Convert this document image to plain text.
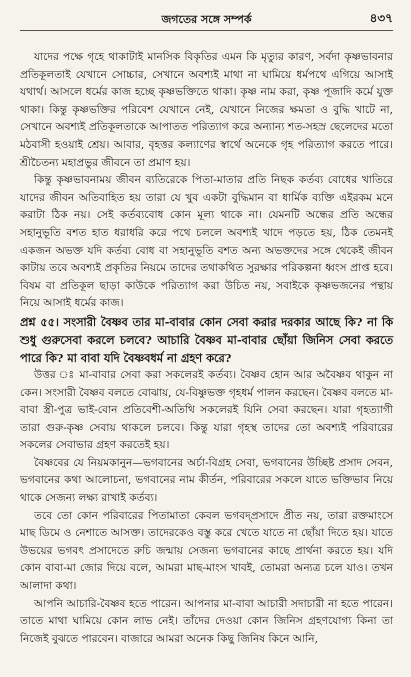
জগতের সঙ্গে সম্পর্ক	৪৩৭

যাদের পক্ষে গৃহে থাকাটাই মানসিক বিকৃতির এমন কি মৃত্যুর কারণ, সর্বদা কৃষ্ণভাবনার প্রতিকূলতাই যেখানে সোচ্চার, সেখানে অবশ্যই মাথা না ঘামিয়ে ধর্মপথে এগিয়ে আসাই যথার্থ। আসলে ধর্মের কাজ হচ্ছে কৃষ্ণভক্তিতে থাকা। কৃষ্ণ নাম করা, কৃষ্ণ পূজাদি কর্মে যুক্ত থাকা। কিন্তু কৃষ্ণভক্তির পরিবেশ যেখানে নেই, যেখানে নিজের ক্ষমতা ও বুদ্ধি খাটে না, সেখানে অবশ্যই প্রতিকূলতাকে আপাতত পরিত্যাগ করে অন্যান্য শত-সহস্র ছেলেদের মতো মঠবাসী হওয়াই শ্রেয়। আবার, বৃহত্তর কল্যাণের স্বার্থে অনেকে গৃহ পরিত্যাগ করতে পারে। শ্রীচৈতন্য মহাপ্রভুর জীবনে তা প্রমাণ হয়।

কিন্তু কৃষ্ণভাবনাময় জীবন ব্যতিরেকে পিতা-মাতার প্রতি নিছক কর্তব্য বোধের খাতিরে যাদের জীবন অতিবাহিত হয় তারা যে খুব একটা বুদ্ধিমান বা ধার্মিক ব্যক্তি এইরকম মনে করাটা ঠিক নয়। সেই কর্তব্যবোধ কোন মূল্য থাকে না। যেমনটি অন্ধের প্রতি অন্ধের সহানুভূতি বশত হাত ধরাধরি করে পথে চললে অবশ্যই খাদে পড়তে হয়, ঠিক তেমনই একজন অভক্ত যদি কর্তব্য বোধ বা সহানুভূতি বশত অন্য অভক্তদের সঙ্গে থেকেই জীবন কাটায় তবে অবশ্যই প্রকৃতির নিয়মে তাদের তথাকথিত সুরক্ষার পরিকল্পনা ধ্বংস প্রাপ্ত হবে। বিষম বা প্রতিকূল ছাড়া কাউকে পরিত্যাগ করা উচিত নয়, সবাইকে কৃষ্ণভজনের পন্থায় নিয়ে আসাই ধর্মের কাজ।

প্রশ্ন ৫৫। সংসারী বৈষ্ণব তার মা-বাবার কোন সেবা করার দরকার আছে কি? না কি শুধু গুরুসেবা করলে চলবে? আচারি বৈষ্ণব মা-বাবার ছোঁয়া জিনিস সেবা করতে পারে কি? মা বাবা যদি বৈষ্ণবধর্ম না গ্রহণ করে?

উত্তর ঃ মা-বাবার সেবা করা সকলেরই কর্তব্য। বৈষ্ণব হোন আর অবৈষ্ণব থাকুন না কেন। সংসারী বৈষ্ণব বলতে বোঝায়, যে-বিষ্ণুভক্ত গৃহধর্ম পালন করছেন। বৈষ্ণব বলতে মা-বাবা স্ত্রী-পুত্র ভাই-বোন প্রতিবেশী-অতিথি সকলেরই যিনি সেবা করছেন। যারা গৃহত্যাগী তারা গুরু-কৃষ্ণ সেবায় থাকলে চলবে। কিন্তু যারা গৃহস্থ তাদের তো অবশ্যই পরিবারের সকলের সেবাভার গ্রহণ করতেই হয়।

বৈষ্ণবের যে নিয়মকানুন—ভগবানের অর্চা-বিগ্রহ সেবা, ভগবানের উচ্ছিষ্ট প্রসাদ সেবন, ভগবানের কথা আলোচনা, ভগবানের নাম কীর্তন, পরিবারের সকলে যাতে ভক্তিভাব নিয়ে থাকে সেজন্য লক্ষ্য রাখাই কর্তব্য।

তবে তো কোন পরিবারের পিতামাতা কেবল ভগবদ্প্রসাদে প্রীত নয়, তারা রক্তমাংসে মাছ ডিমে ও নেশাতে আসক্ত। তাদেরকেও বস্তু করে খেতে যাতে না ছোঁয়া দিতে হয়। যাতে উভয়ের ভগবৎ প্রসাদেতে রুচি জন্মায় সেজন্য ভগবানের কাছে প্রার্থনা করতে হয়। যদি কোন বাবা-মা জোর দিয়ে বলে, আমরা মাছ-মাংস খাবই, তোমরা অন্যত্র চলে যাও। তখন আলাদা কথা।

আপনি আচারি-বৈষ্ণব হতে পারেন। আপনার মা-বাবা আচারী সদাচারী না হতে পারেন। তাতে মাথা ঘামিয়ে কোন লাভ নেই। তাঁদের দেওয়া কোন জিনিস গ্রহণযোগ্য কিনা তা নিজেই বুঝতে পারবেন। বাজারে আমরা অনেক কিছু জিনিষ কিনে আনি,
